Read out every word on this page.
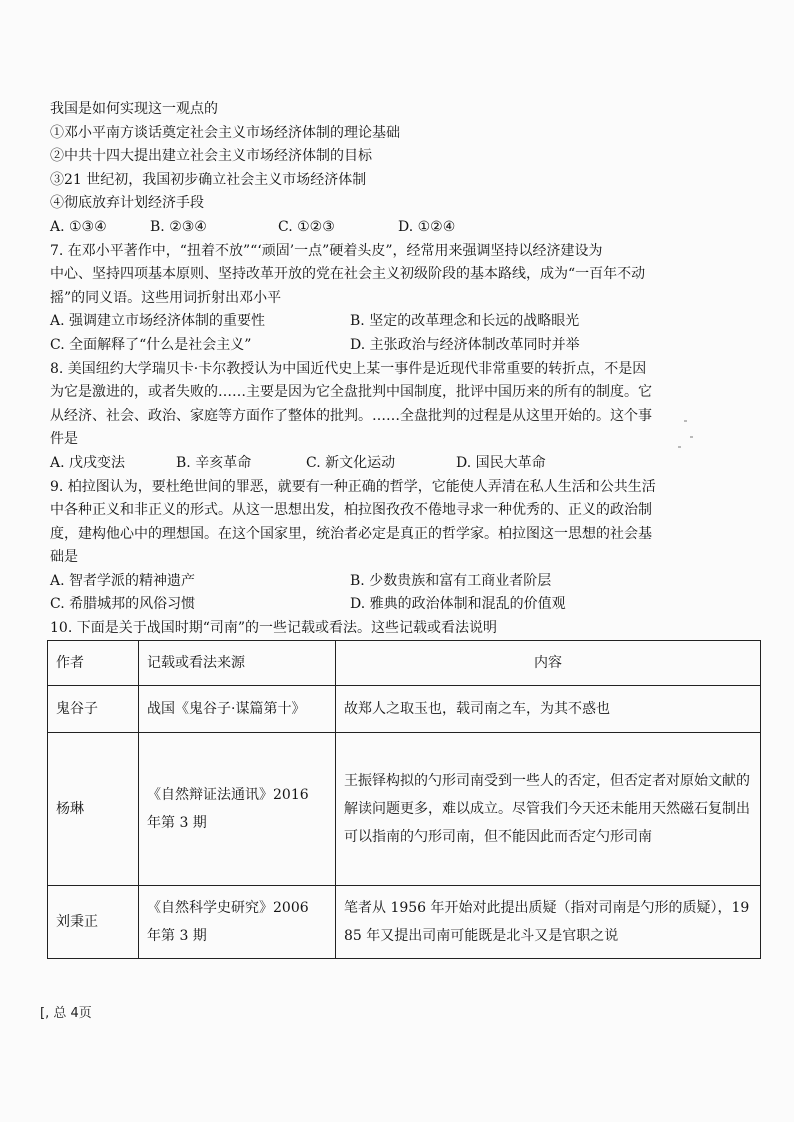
我国是如何实现这一观点的
①邓小平南方谈话奠定社会主义市场经济体制的理论基础
②中共十四大提出建立社会主义市场经济体制的目标
③21 世纪初，我国初步确立社会主义市场经济体制
④彻底放弃计划经济手段
A. ①③④	B. ②③④	C. ①②③	D. ①②④
7. 在邓小平著作中，“扭着不放”“‘顽固’一点”硬着头皮”，经常用来强调坚持以经济建设为
中心、坚持四项基本原则、坚持改革开放的党在社会主义初级阶段的基本路线，成为“一百年不动
摇”的同义语。这些用词折射出邓小平
A. 强调建立市场经济体制的重要性	B. 坚定的改革理念和长远的战略眼光
C. 全面解释了“什么是社会主义”	D. 主张政治与经济体制改革同时并举
8. 美国纽约大学瑞贝卡·卡尔教授认为中国近代史上某一事件是近现代非常重要的转折点，不是因
为它是激进的，或者失败的……主要是因为它全盘批判中国制度，批评中国历来的所有的制度。它
从经济、社会、政治、家庭等方面作了整体的批判。……全盘批判的过程是从这里开始的。这个事
件是
A. 戊戌变法	B. 辛亥革命	C. 新文化运动	D. 国民大革命
9. 柏拉图认为，要杜绝世间的罪恶，就要有一种正确的哲学，它能使人弄清在私人生活和公共生活
中各种正义和非正义的形式。从这一思想出发，柏拉图孜孜不倦地寻求一种优秀的、正义的政治制
度，建构他心中的理想国。在这个国家里，统治者必定是真正的哲学家。柏拉图这一思想的社会基
础是
A. 智者学派的精神遗产	B. 少数贵族和富有工商业者阶层
C. 希腊城邦的风俗习惯	D. 雅典的政治体制和混乱的价值观
10. 下面是关于战国时期“司南”的一些记载或看法。这些记载或看法说明
作者	记载或看法来源	内容
鬼谷子	战国《鬼谷子·谋篇第十》	故郑人之取玉也，载司南之车，为其不惑也
杨琳	《自然辩证法通讯》2016 年第 3 期	王振铎构拟的勺形司南受到一些人的否定，但否定者对原始文献的解读问题更多，难以成立。尽管我们今天还未能用天然磁石复制出可以指南的勺形司南，但不能因此而否定勺形司南
刘秉正	《自然科学史研究》2006 年第 3 期	笔者从 1956 年开始对此提出质疑（指对司南是勺形的质疑），1985 年又提出司南可能既是北斗又是官职之说
[, 总 4页
